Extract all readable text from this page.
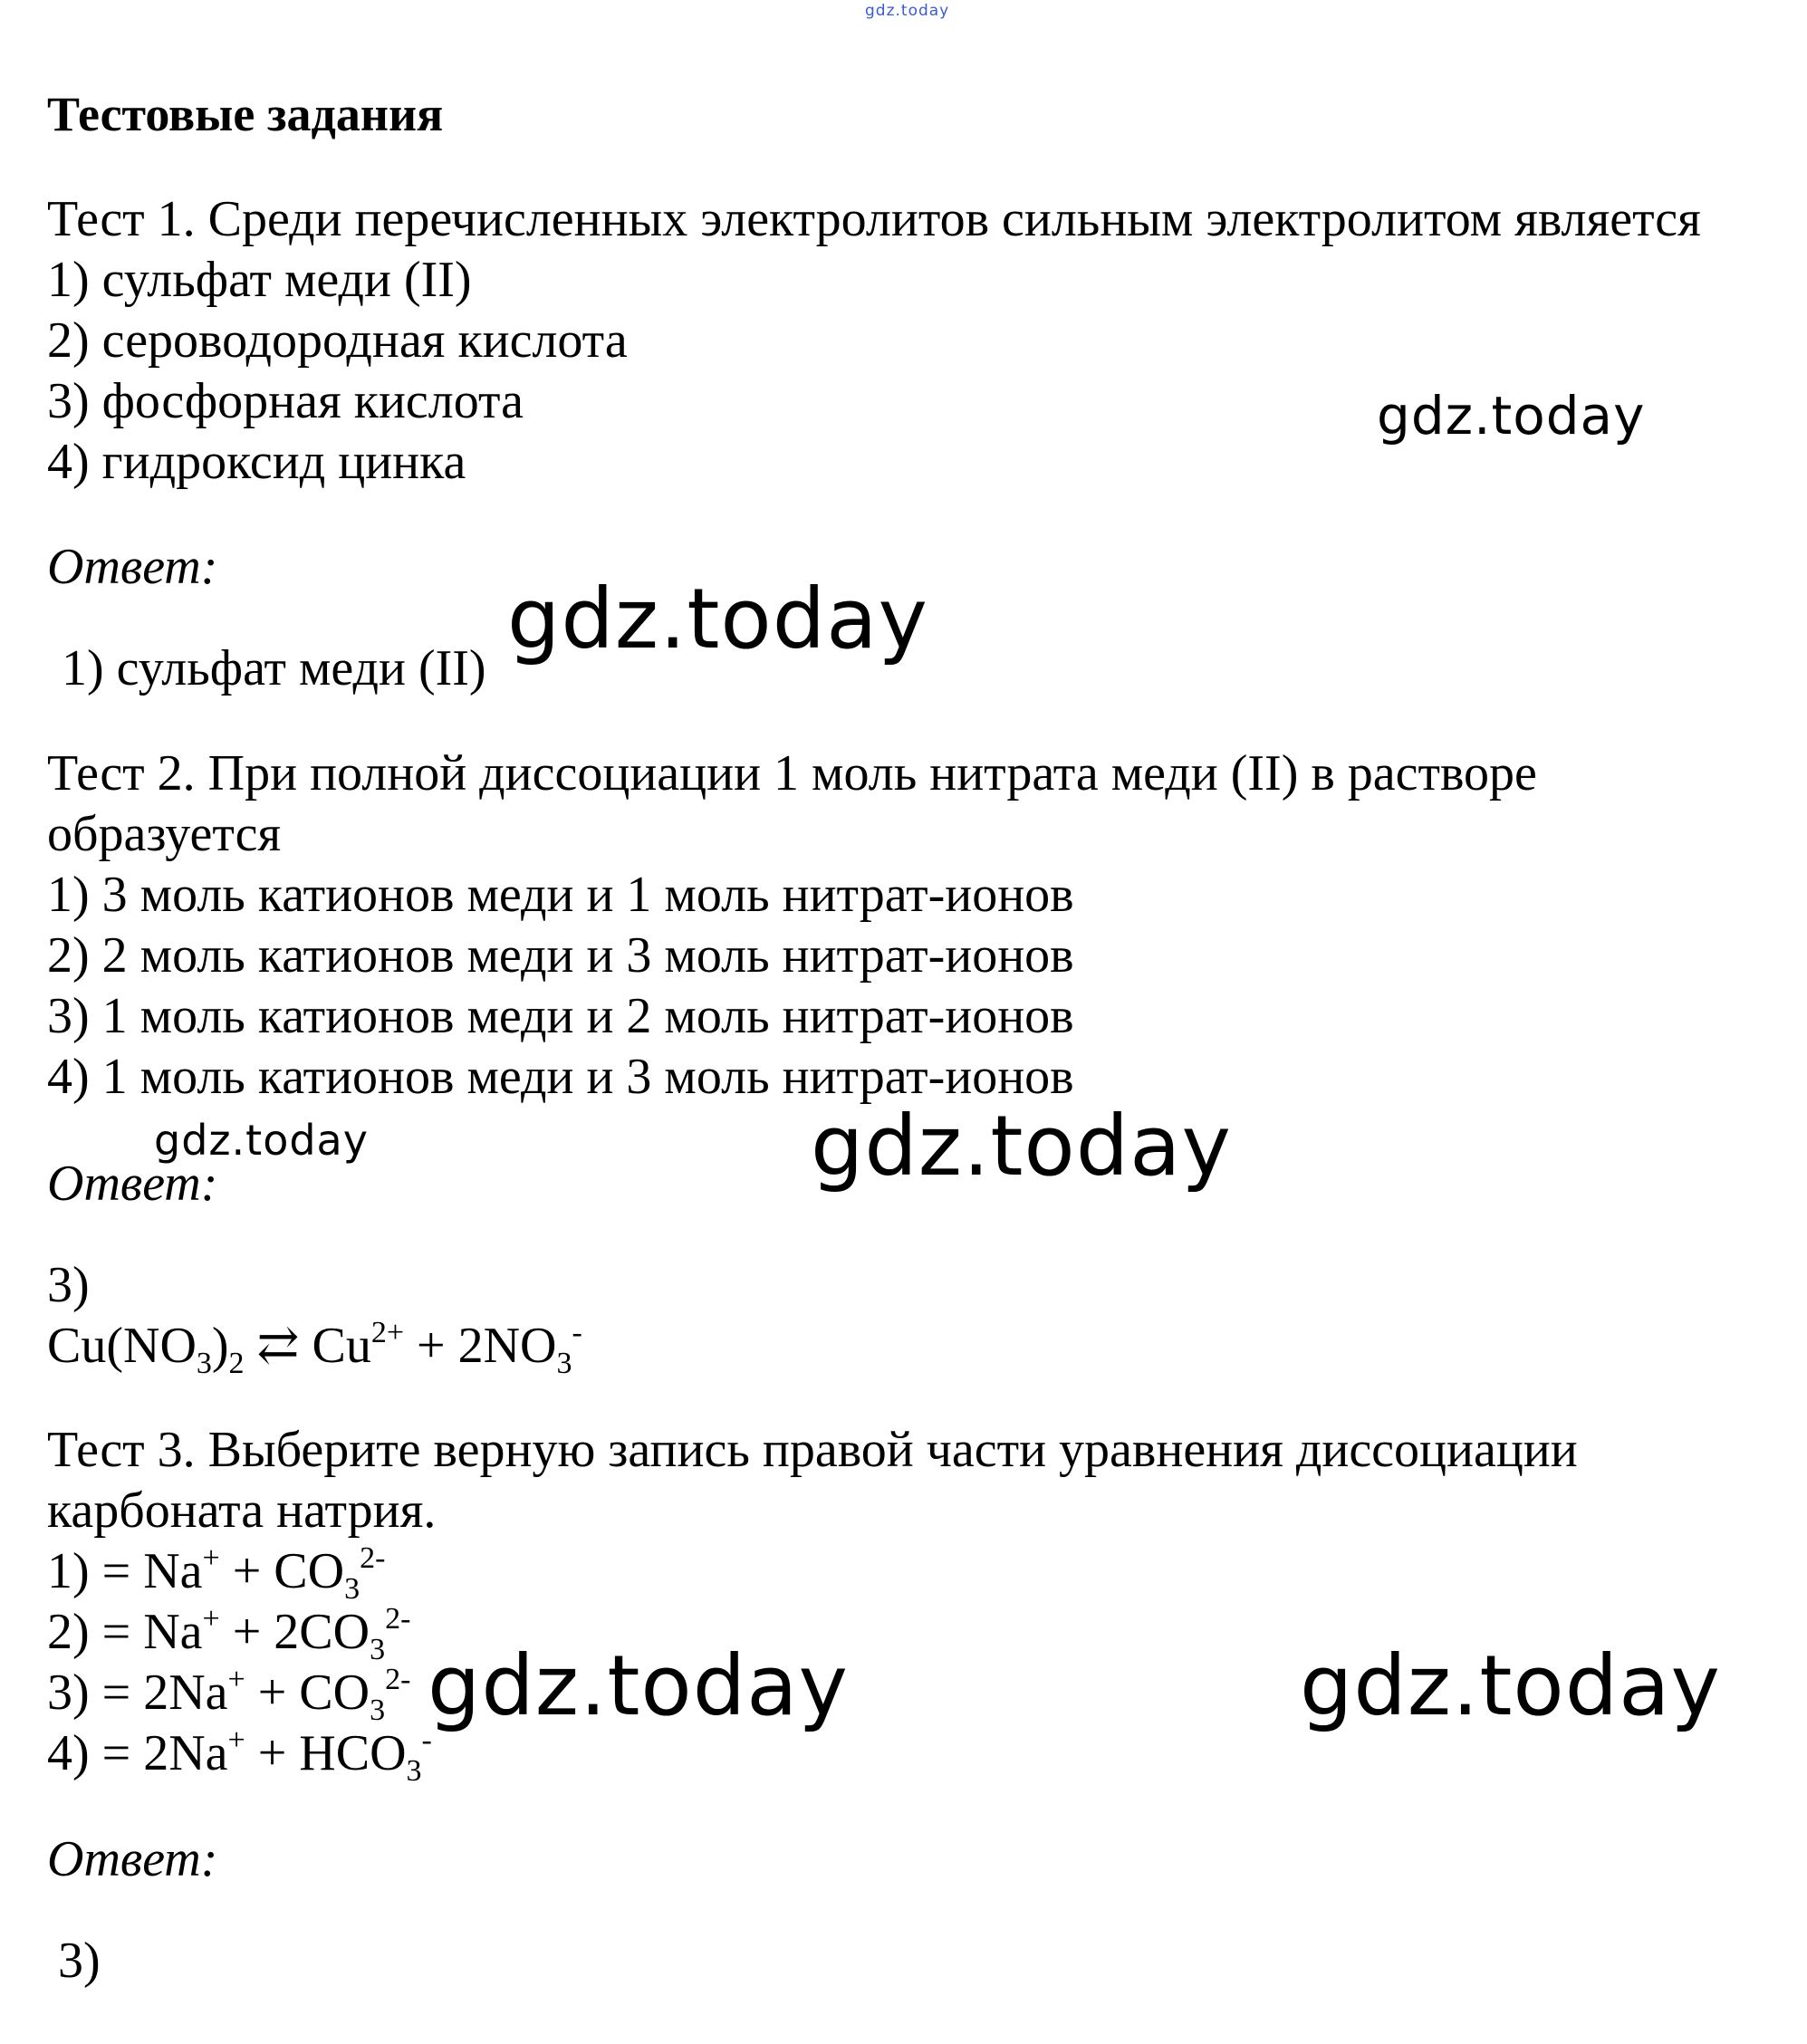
gdz.today
Тестовые задания
Тест 1. Среди перечисленных электролитов сильным электролитом является
1) сульфат меди (II)
2) сероводородная кислота
3) фосфорная кислота
4) гидроксид цинка
Ответ:
1) сульфат меди (II)
Тест 2. При полной диссоциации 1 моль нитрата меди (II) в растворе
образуется
1) 3 моль катионов меди и 1 моль нитрат-ионов
2) 2 моль катионов меди и 3 моль нитрат-ионов
3) 1 моль катионов меди и 2 моль нитрат-ионов
4) 1 моль катионов меди и 3 моль нитрат-ионов
Ответ:
3)
$Cu(NO_3)_2$ ⇄ $Cu^{2+} + 2NO_3^-$
Тест 3. Выберите верную запись правой части уравнения диссоциации
карбоната натрия.
$1) = Na^+ + CO_3^{2-}$
$2) = Na^+ + 2CO_3^{2-}$
$3) = 2Na^+ + CO_3^{2-}$
$4) = 2Na^+ + HCO_3^-$
Ответ:
3)
gdz.today
gdz.today
gdz.today	gdz.today
gdz.today	gdz.today
